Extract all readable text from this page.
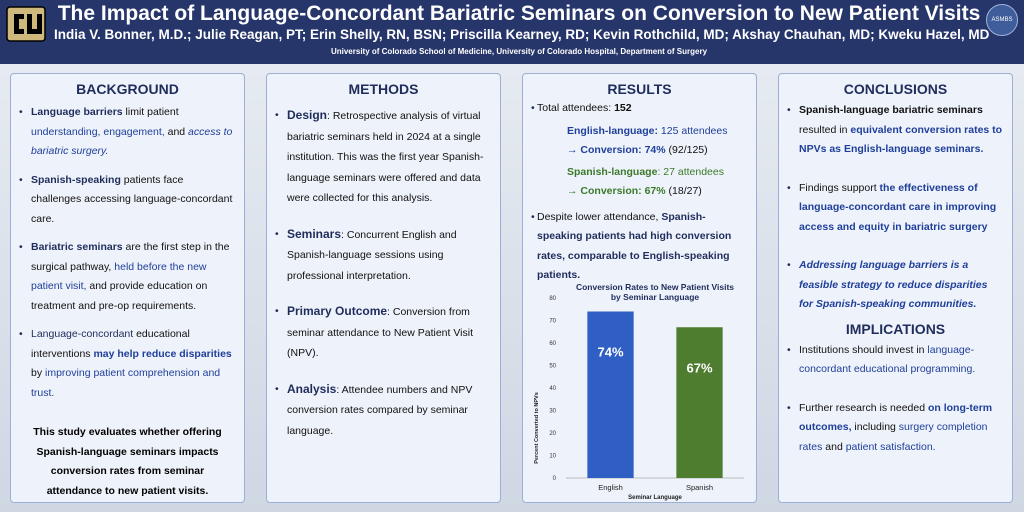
The Impact of Language-Concordant Bariatric Seminars on Conversion to New Patient Visits
India V. Bonner, M.D.; Julie Reagan, PT; Erin Shelly, RN, BSN; Priscilla Kearney, RD; Kevin Rothchild, MD; Akshay Chauhan, MD; Kweku Hazel, MD
University of Colorado School of Medicine, University of Colorado Hospital, Department of Surgery
ASMBS
BACKGROUND
• Language barriers limit patient understanding, engagement, and access to bariatric surgery.
• Spanish-speaking patients face challenges accessing language-concordant care.
• Bariatric seminars are the first step in the surgical pathway, held before the new patient visit, and provide education on treatment and pre-op requirements.
• Language-concordant educational interventions may help reduce disparities by improving patient comprehension and trust.
This study evaluates whether offering Spanish-language seminars impacts conversion rates from seminar attendance to new patient visits.
METHODS
• Design: Retrospective analysis of virtual bariatric seminars held in 2024 at a single institution. This was the first year Spanish-language seminars were offered and data were collected for this analysis.
• Seminars: Concurrent English and Spanish-language sessions using professional interpretation.
• Primary Outcome: Conversion from seminar attendance to New Patient Visit (NPV).
• Analysis: Attendee numbers and NPV conversion rates compared by seminar language.
RESULTS
• Total attendees: 152
English-language: 125 attendees
→ Conversion: 74% (92/125)
Spanish-language: 27 attendees
→ Conversion: 67% (18/27)
• Despite lower attendance, Spanish-speaking patients had high conversion rates, comparable to English-speaking patients.
CONCLUSIONS
• Spanish-language bariatric seminars resulted in equivalent conversion rates to NPVs as English-language seminars.
• Findings support the effectiveness of language-concordant care in improving access and equity in bariatric surgery
• Addressing language barriers is a feasible strategy to reduce disparities for Spanish-speaking communities.
IMPLICATIONS
• Institutions should invest in language-concordant educational programming.
• Further research is needed on long-term outcomes, including surgery completion rates and patient satisfaction.
Conversion Rates to New Patient Visits
by Seminar Language
0
10
20
30
40
50
60
70
80
74%
English
67%
Spanish
Seminar Language
Percent Converted to NPVs
